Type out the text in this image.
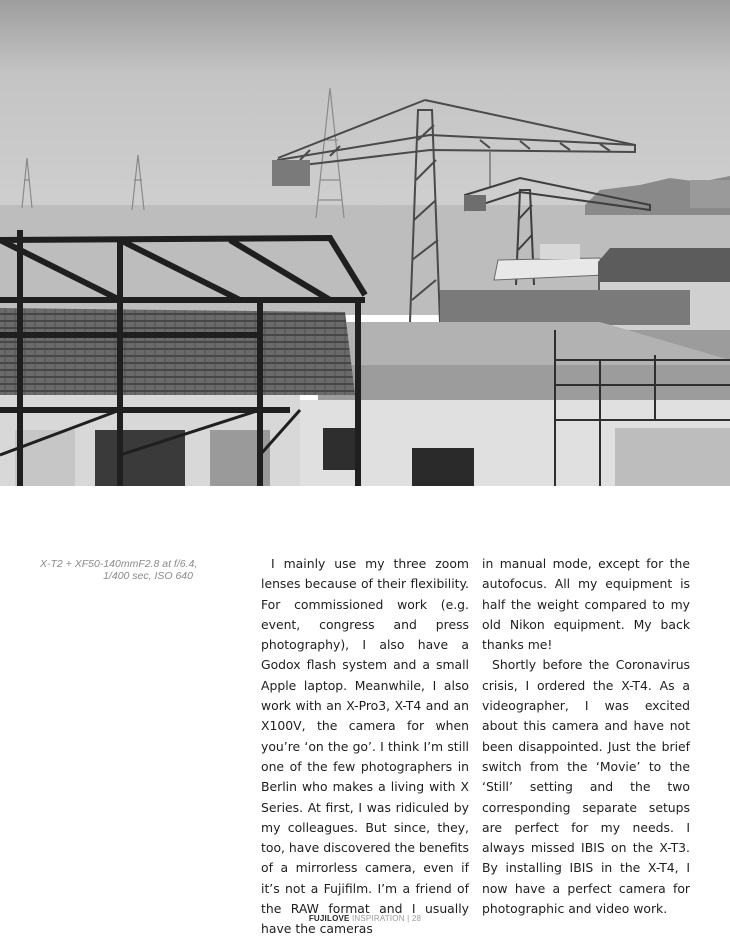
X-T2 + XF50-140mmF2.8 at f/6.4,
1/400 sec, ISO 640

I mainly use my three zoom lenses because of their flexibility. For commissioned work (e.g. event, congress and press photography), I also have a Godox flash system and a small Apple laptop. Meanwhile, I also work with an X-Pro3, X-T4 and an X100V, the camera for when you’re ‘on the go’. I think I’m still one of the few photographers in Berlin who makes a living with X Series. At first, I was ridiculed by my colleagues. But since, they, too, have discovered the benefits of a mirrorless camera, even if it’s not a Fujifilm. I’m a friend of the RAW format and I usually have the cameras

in manual mode, except for the autofocus. All my equipment is half the weight compared to my old Nikon equipment. My back thanks me!

Shortly before the Coronavirus crisis, I ordered the X-T4. As a videographer, I was excited about this camera and have not been disappointed. Just the brief switch from the ‘Movie’ to the ‘Still’ setting and the two corresponding separate setups are perfect for my needs. I always missed IBIS on the X-T3. By installing IBIS in the X-T4, I now have a perfect camera for photographic and video work.

FUJILOVE INSPIRATION | 28
